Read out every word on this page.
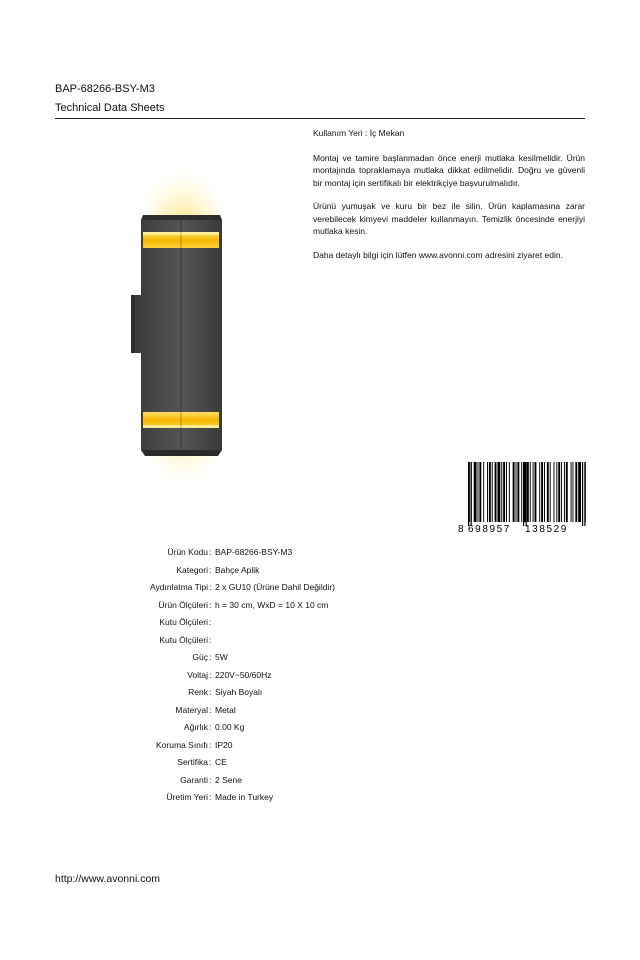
BAP-68266-BSY-M3
Technical Data Sheets

Kullanım Yeri : İç Mekan

Montaj ve tamire başlanmadan önce enerji mutlaka kesilmelidir. Ürün montajında topraklamaya mutlaka dikkat edilmelidir. Doğru ve güvenli bir montaj için sertifikalı bir elektrikçiye başvurulmalıdır.

Ürünü yumuşak ve kuru bir bez ile silin. Ürün kaplamasına zarar verebilecek kimyevi maddeler kullanmayın. Temizlik öncesinde enerjiyi mutlaka kesin.

Daha detaylı bilgi için lütfen www.avonni.com adresini ziyaret edin.

8 698957 138529
Ürün Kodu : BAP-68266-BSY-M3
Kategori : Bahçe Aplik
Aydınlatma Tipi : 2 x GU10 (Ürüne Dahil Değildir)
Ürün Ölçüleri : h = 30 cm, WxD = 10 X 10 cm
Kutu Ölçüleri :
Kutu Ölçüleri :
Güç : 5W
Voltaj : 220V~50/60Hz
Renk : Siyah Boyalı
Materyal : Metal
Ağırlık : 0.00 Kg
Koruma Sınıfı : IP20
Sertifika : CE
Garanti : 2 Sene
Üretim Yeri : Made in Turkey
http://www.avonni.com
